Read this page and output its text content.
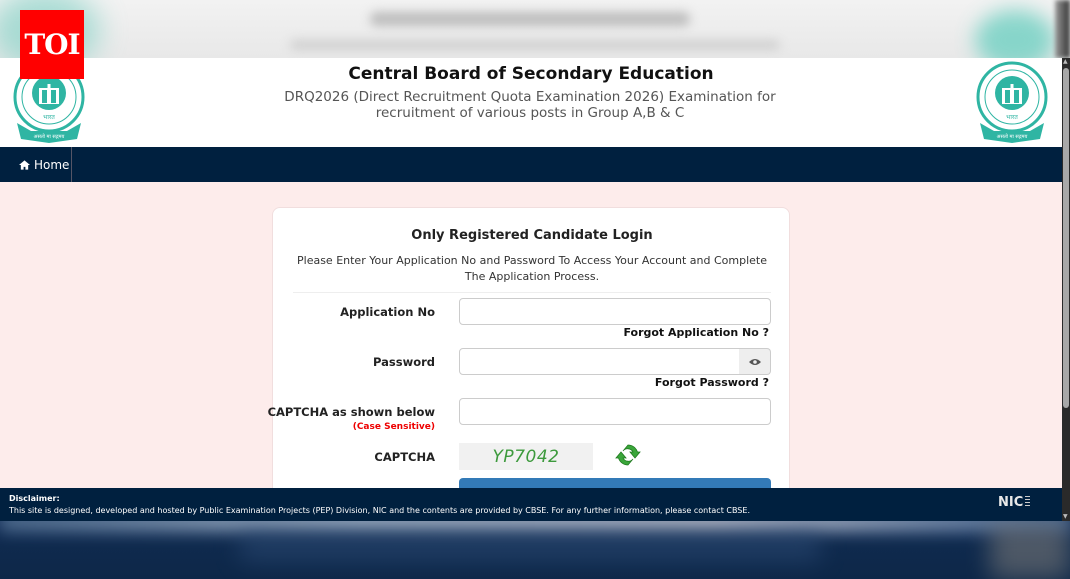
TOI
भारत
असतो मा सद्गमय
Central Board of Secondary Education
DRQ2026 (Direct Recruitment Quota Examination 2026) Examination for recruitment of various posts in Group A,B & C	भारत
असतो मा सद्गमय
Home
Only Registered Candidate Login
Please Enter Your Application No and Password To Access Your Account and Complete The Application Process.
Application No
Forgot Application No ?
Password
Forgot Password ?
CAPTCHA as shown below
(Case Sensitive)
CAPTCHA	YP7042
Disclaimer:
This site is designed, developed and hosted by Public Examination Projects (PEP) Division, NIC and the contents are provided by CBSE. For any further information, please contact CBSE.
NIC
▲
▼
